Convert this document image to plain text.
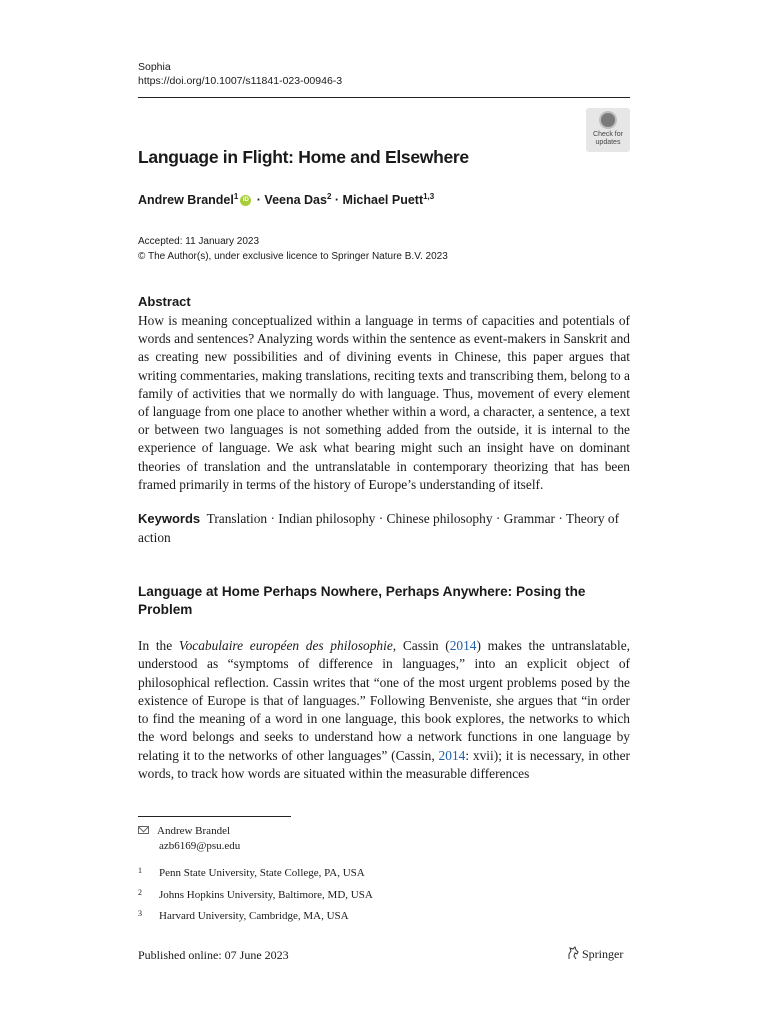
Sophia
https://doi.org/10.1007/s11841-023-00946-3
Check for
updates
Language in Flight: Home and Elsewhere
Andrew Brandel$^1$ iD · Veena Das$^2$ · Michael Puett$^{1,3}$
Accepted: 11 January 2023
© The Author(s), under exclusive licence to Springer Nature B.V. 2023
Abstract
How is meaning conceptualized within a language in terms of capacities and potentials of words and sentences? Analyzing words within the sentence as event-makers in Sanskrit and as creating new possibilities and of divining events in Chinese, this paper argues that writing commentaries, making translations, reciting texts and transcribing them, belong to a family of activities that we normally do with language. Thus, movement of every element of language from one place to another whether within a word, a character, a sentence, a text or between two languages is not something added from the outside, it is internal to the experience of language. We ask what bearing might such an insight have on dominant theories of translation and the untranslatable in contemporary theorizing that has been framed primarily in terms of the history of Europe’s understanding of itself.
Keywords Translation · Indian philosophy · Chinese philosophy · Grammar · Theory of action
Language at Home Perhaps Nowhere, Perhaps Anywhere: Posing the Problem
In the Vocabulaire européen des philosophie, Cassin (2014) makes the untranslatable, understood as “symptoms of difference in languages,” into an explicit object of philosophical reflection. Cassin writes that “one of the most urgent problems posed by the existence of Europe is that of languages.” Following Benveniste, she argues that “in order to find the meaning of a word in one language, this book explores, the networks to which the word belongs and seeks to understand how a network functions in one language by relating it to the networks of other languages” (Cassin, 2014: xvii); it is necessary, in other words, to track how words are situated within the measurable differences
Andrew Brandel
azb6169@psu.edu
1 Penn State University, State College, PA, USA
2 Johns Hopkins University, Baltimore, MD, USA
3 Harvard University, Cambridge, MA, USA
Published online: 07 June 2023	Springer
